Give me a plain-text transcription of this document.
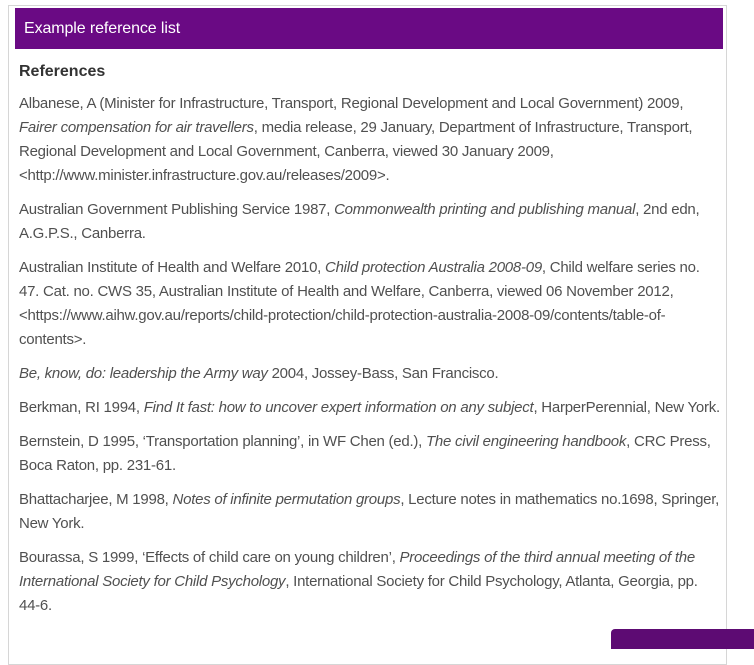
Example reference list
References

Albanese, A (Minister for Infrastructure, Transport, Regional Development and Local Government) 2009, Fairer compensation for air travellers, media release, 29 January, Department of Infrastructure, Transport, Regional Development and Local Government, Canberra, viewed 30 January 2009, <http://www.minister.infrastructure.gov.au/releases/2009>.

Australian Government Publishing Service 1987, Commonwealth printing and publishing manual, 2nd edn, A.G.P.S., Canberra.

Australian Institute of Health and Welfare 2010, Child protection Australia 2008-09, Child welfare series no. 47. Cat. no. CWS 35, Australian Institute of Health and Welfare, Canberra, viewed 06 November 2012, <https://www.aihw.gov.au/reports/child-protection/child-protection-australia-2008-09/contents/table-of-contents>.

Be, know, do: leadership the Army way 2004, Jossey-Bass, San Francisco.

Berkman, RI 1994, Find It fast: how to uncover expert information on any subject, HarperPerennial, New York.

Bernstein, D 1995, ‘Transportation planning’, in WF Chen (ed.), The civil engineering handbook, CRC Press, Boca Raton, pp. 231-61.

Bhattacharjee, M 1998, Notes of infinite permutation groups, Lecture notes in mathematics no.1698, Springer, New York.

Bourassa, S 1999, ‘Effects of child care on young children’, Proceedings of the third annual meeting of the International Society for Child Psychology, International Society for Child Psychology, Atlanta, Georgia, pp. 44-6.
